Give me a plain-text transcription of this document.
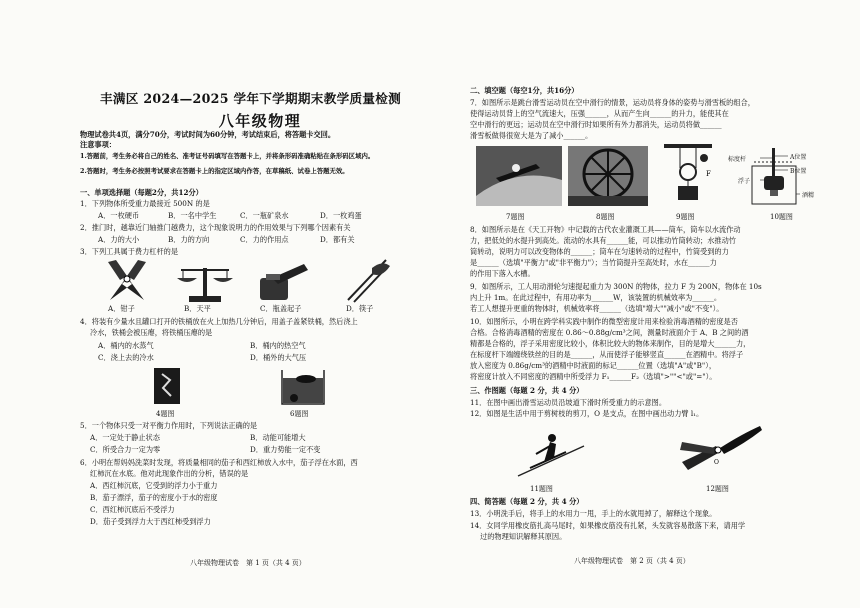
丰满区 2024—2025 学年下学期期末教学质量检测
八年级物理
物理试卷共4页，满分70分，考试时间为60分钟，考试结束后，将答题卡交回。
注意事项：
1.答题前，考生务必将自己的姓名、准考证号码填写在答题卡上，并将条形码准确粘贴在条形码区域内。
2.答题时，考生务必按照考试要求在答题卡上的指定区域内作答，在草稿纸、试卷上答题无效。
一、单项选择题（每题2分，共12分）
1．下列物体所受重力最接近 500N 的是
A．一枚硬币	B．一名中学生	C．一瓶矿泉水	D．一枚鸡蛋
2．推门时，越靠近门轴推门越费力，这个现象说明力的作用效果与下列哪个因素有关
A．力的大小	B．力的方向	C．力的作用点	D．都有关
3．下列工具属于费力杠杆的是
A．钳子	B．天平	C．瓶盖起子	D．筷子
4．将装有少量水且罐口打开的铁桶放在火上加热几分钟后，用盖子盖紧铁桶，然后浇上
冷水，铁桶会被压瘪，将铁桶压瘪的是
A．桶内的水蒸气	B．桶内的热空气
C．浇上去的冷水	D．桶外的大气压
4题图	6题图
5．一个物体只受一对平衡力作用时，下列说法正确的是
A．一定处于静止状态	B．动能可能增大
C．所受合力一定为零	D．重力势能一定不变
6．小明在帮妈妈洗菜时发现，将质量相同的茄子和西红柿放入水中，茄子浮在水面，西
红柿沉在水底。他对此现象作出的分析，错误的是
A．西红柿沉底，它受到的浮力小于重力
B．茄子漂浮，茄子的密度小于水的密度
C．西红柿沉底后不受浮力
D．茄子受到浮力大于西红柿受到浮力
八年级物理试卷　第 1 页（共 4 页）
二、填空题（每空1分，共16分）
7．如图所示是跳台滑雪运动员在空中滑行的情景，运动员将身体的姿势与滑雪板的组合，
使得运动员背上的空气流速大，压强______，从而产生向______的升力，能使其在
空中滑行的更远；运动员在空中滑行时如果所有外力都消失，运动员将做______
滑雪板做得很宽大是为了减小______。
F
A位置
B位置
标度杆
浮子
酒精
7题图	8题图	9题图	10题图
8．如图所示是在《天工开物》中记载的古代农业灌溉工具——筒车，筒车以水流作动
力，把低处的水提升到高处。流动的水具有______能，可以推动竹筒转动；水推动竹
筒转动，说明力可以改变物体的______；筒车在匀速转动的过程中，竹筒受到的力
是______（选填"平衡力"或"非平衡力"）；当竹筒提升至高处时，水在______力
的作用下落入水槽。
9．如图所示，工人用动滑轮匀速提起重力为 300N 的物体，拉力 F 为 200N，物体在 10s
内上升 1m。在此过程中，有用功率为______W，该装置的机械效率为______。
若工人想提升更重的物体时，机械效率将______（选填"增大""减小"或"不变"）。
10．如图所示，小明在跨学科实践中制作的微型密度计用来检验消毒酒精的密度是否
合格。合格消毒酒精的密度在 0.86～0.88g/cm³之间，测量时液面介于 A、B 之间的酒
精都是合格的，浮子采用密度比较小，体积比较大的物体来制作，目的是增大______力，
在标度杆下端缠绕铁丝的目的是______，从而使浮子能够竖直______在酒精中。将浮子
放入密度为 0.86g/cm³的酒精中时液面的标记______位置（选填"A"或"B"），
将密度计放入不同密度的酒精中所受浮力 F₁______F₂（选填">""<"或"="）。
三、作图题（每题 2 分，共 4 分）
11．在图中画出滑雪运动员沿坡道下滑时所受重力的示意图。
12．如图是生活中用于剪树枝的剪刀，O 是支点，在图中画出动力臂 l₁。
O
11题图	12题图
四、简答题（每题 2 分，共 4 分）
13．小明洗手后，将手上的水用力一甩，手上的水就甩掉了，解释这个现象。
14．女同学用橡皮筋扎高马尾时，如果橡皮筋没有扎紧，头发就容易散落下来，请用学
过的物理知识解释其原因。
八年级物理试卷　第 2 页（共 4 页）
